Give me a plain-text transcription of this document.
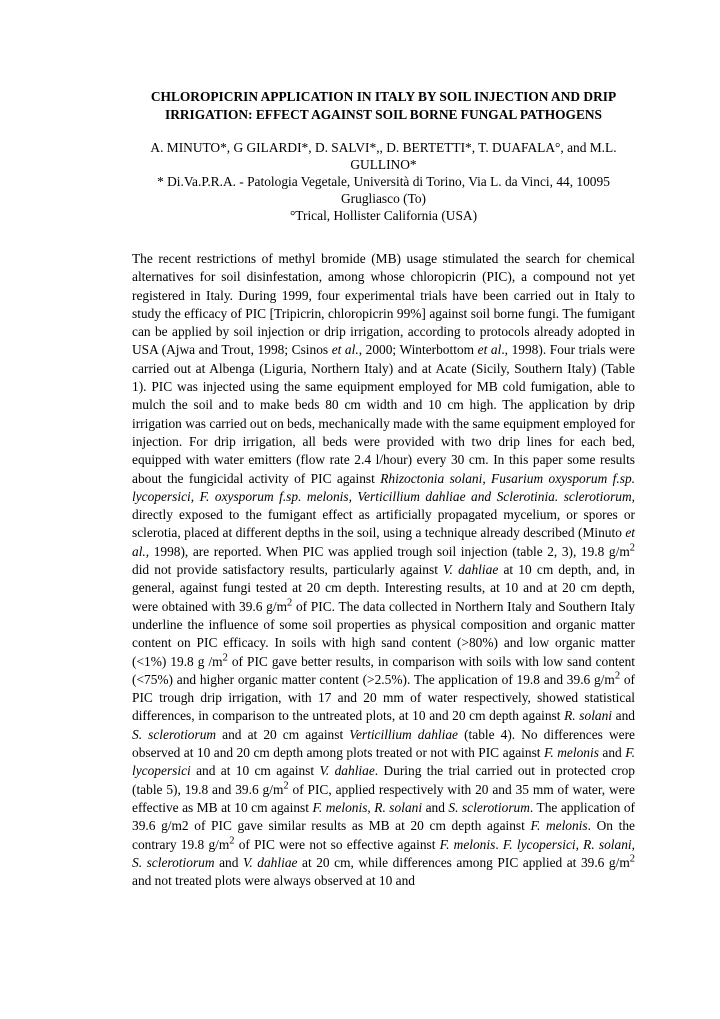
CHLOROPICRIN APPLICATION IN ITALY BY SOIL INJECTION AND DRIP IRRIGATION: EFFECT AGAINST SOIL BORNE FUNGAL PATHOGENS
A. MINUTO*, G GILARDI*, D. SALVI*,, D. BERTETTI*, T. DUAFALA°, and M.L. GULLINO*
* Di.Va.P.R.A. - Patologia Vegetale, Università di Torino, Via L. da Vinci, 44, 10095 Grugliasco (To)
°Trical, Hollister California (USA)

The recent restrictions of methyl bromide (MB) usage stimulated the search for chemical alternatives for soil disinfestation, among whose chloropicrin (PIC), a compound not yet registered in Italy. During 1999, four experimental trials have been carried out in Italy to study the efficacy of PIC [Tripicrin, chloropicrin 99%] against soil borne fungi. The fumigant can be applied by soil injection or drip irrigation, according to protocols already adopted in USA (Ajwa and Trout, 1998; Csinos et al., 2000; Winterbottom et al., 1998). Four trials were carried out at Albenga (Liguria, Northern Italy) and at Acate (Sicily, Southern Italy) (Table 1). PIC was injected using the same equipment employed for MB cold fumigation, able to mulch the soil and to make beds 80 cm width and 10 cm high. The application by drip irrigation was carried out on beds, mechanically made with the same equipment employed for injection. For drip irrigation, all beds were provided with two drip lines for each bed, equipped with water emitters (flow rate 2.4 l/hour) every 30 cm. In this paper some results about the fungicidal activity of PIC against Rhizoctonia solani, Fusarium oxysporum f.sp. lycopersici, F. oxysporum f.sp. melonis, Verticillium dahliae and Sclerotinia. sclerotiorum, directly exposed to the fumigant effect as artificially propagated mycelium, or spores or sclerotia, placed at different depths in the soil, using a technique already described (Minuto et al., 1998), are reported. When PIC was applied trough soil injection (table 2, 3), 19.8 $g/m^2$ did not provide satisfactory results, particularly against V. dahliae at 10 cm depth, and, in general, against fungi tested at 20 cm depth. Interesting results, at 10 and at 20 cm depth, were obtained with 39.6 $g/m^2$ of PIC. The data collected in Northern Italy and Southern Italy underline the influence of some soil properties as physical composition and organic matter content on PIC efficacy. In soils with high sand content (>80%) and low organic matter (<1%) 19.8 g $/m^2$ of PIC gave better results, in comparison with soils with low sand content (<75%) and higher organic matter content (>2.5%). The application of 19.8 and 39.6 $g/m^2$ of PIC trough drip irrigation, with 17 and 20 mm of water respectively, showed statistical differences, in comparison to the untreated plots, at 10 and 20 cm depth against R. solani and S. sclerotiorum and at 20 cm against Verticillium dahliae (table 4). No differences were observed at 10 and 20 cm depth among plots treated or not with PIC against F. melonis and F. lycopersici and at 10 cm against V. dahliae. During the trial carried out in protected crop (table 5), 19.8 and 39.6 $g/m^2$ of PIC, applied respectively with 20 and 35 mm of water, were effective as MB at 10 cm against F. melonis, R. solani and S. sclerotiorum. The application of 39.6 g/m2 of PIC gave similar results as MB at 20 cm depth against F. melonis. On the contrary 19.8 $g/m^2$ of PIC were not so effective against F. melonis. F. lycopersici, R. solani, S. sclerotiorum and V. dahliae at 20 cm, while differences among PIC applied at 39.6 $g/m^2$ and not treated plots were always observed at 10 and
